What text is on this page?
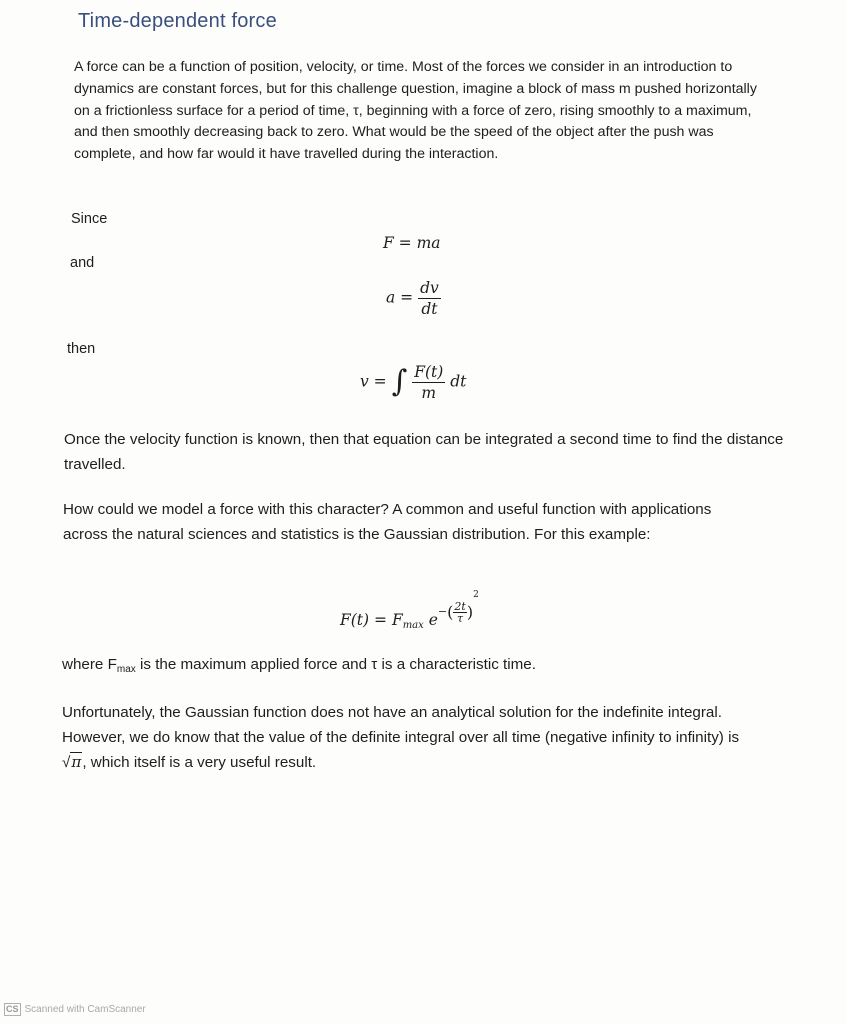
Time-dependent force
A force can be a function of position, velocity, or time. Most of the forces we consider in an introduction to dynamics are constant forces, but for this challenge question, imagine a block of mass m pushed horizontally on a frictionless surface for a period of time, τ, beginning with a force of zero, rising smoothly to a maximum, and then smoothly decreasing back to zero. What would be the speed of the object after the push was complete, and how far would it have travelled during the interaction.
Since
F = ma
and
$a = \frac{dv}{dt}$
then
v = ∫ $\frac{F(t)}{m}$ dt
Once the velocity function is known, then that equation can be integrated a second time to find the distance travelled.
How could we model a force with this character? A common and useful function with applications across the natural sciences and statistics is the Gaussian distribution. For this example:
$F(t) = F_{max}$ $e-( \frac{2t}{\tau} )^2$
where $F_{max}$ is the maximum applied force and τ is a characteristic time.
Unfortunately, the Gaussian function does not have an analytical solution for the indefinite integral. However, we do know that the value of the definite integral over all time (negative infinity to infinity) is √π, which itself is a very useful result.
CS Scanned with CamScanner
